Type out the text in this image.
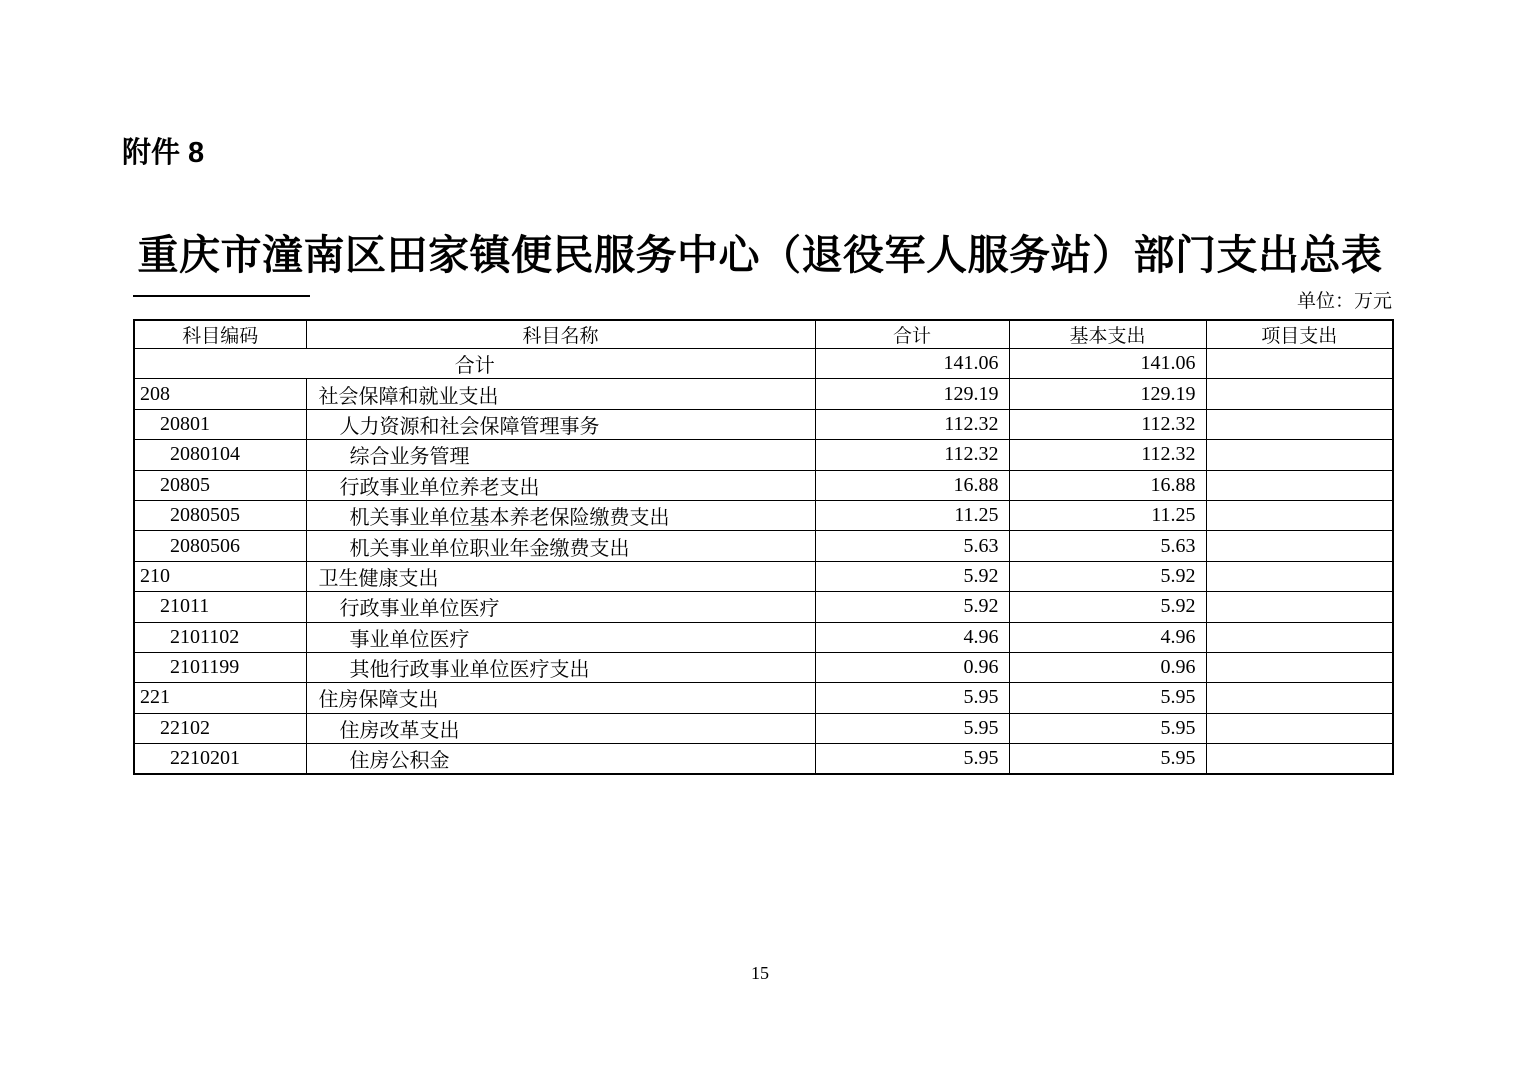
附件 8
重庆市潼南区田家镇便民服务中心（退役军人服务站）部门支出总表
单位：万元
科目编码	科目名称	合计	基本支出	项目支出
合计		141.06	141.06	
208	社会保障和就业支出	129.19	129.19	
20801	人力资源和社会保障管理事务	112.32	112.32	
2080104	综合业务管理	112.32	112.32	
20805	行政事业单位养老支出	16.88	16.88	
2080505	机关事业单位基本养老保险缴费支出	11.25	11.25	
2080506	机关事业单位职业年金缴费支出	5.63	5.63	
210	卫生健康支出	5.92	5.92	
21011	行政事业单位医疗	5.92	5.92	
2101102	事业单位医疗	4.96	4.96	
2101199	其他行政事业单位医疗支出	0.96	0.96	
221	住房保障支出	5.95	5.95	
22102	住房改革支出	5.95	5.95	
2210201	住房公积金	5.95	5.95	
15
